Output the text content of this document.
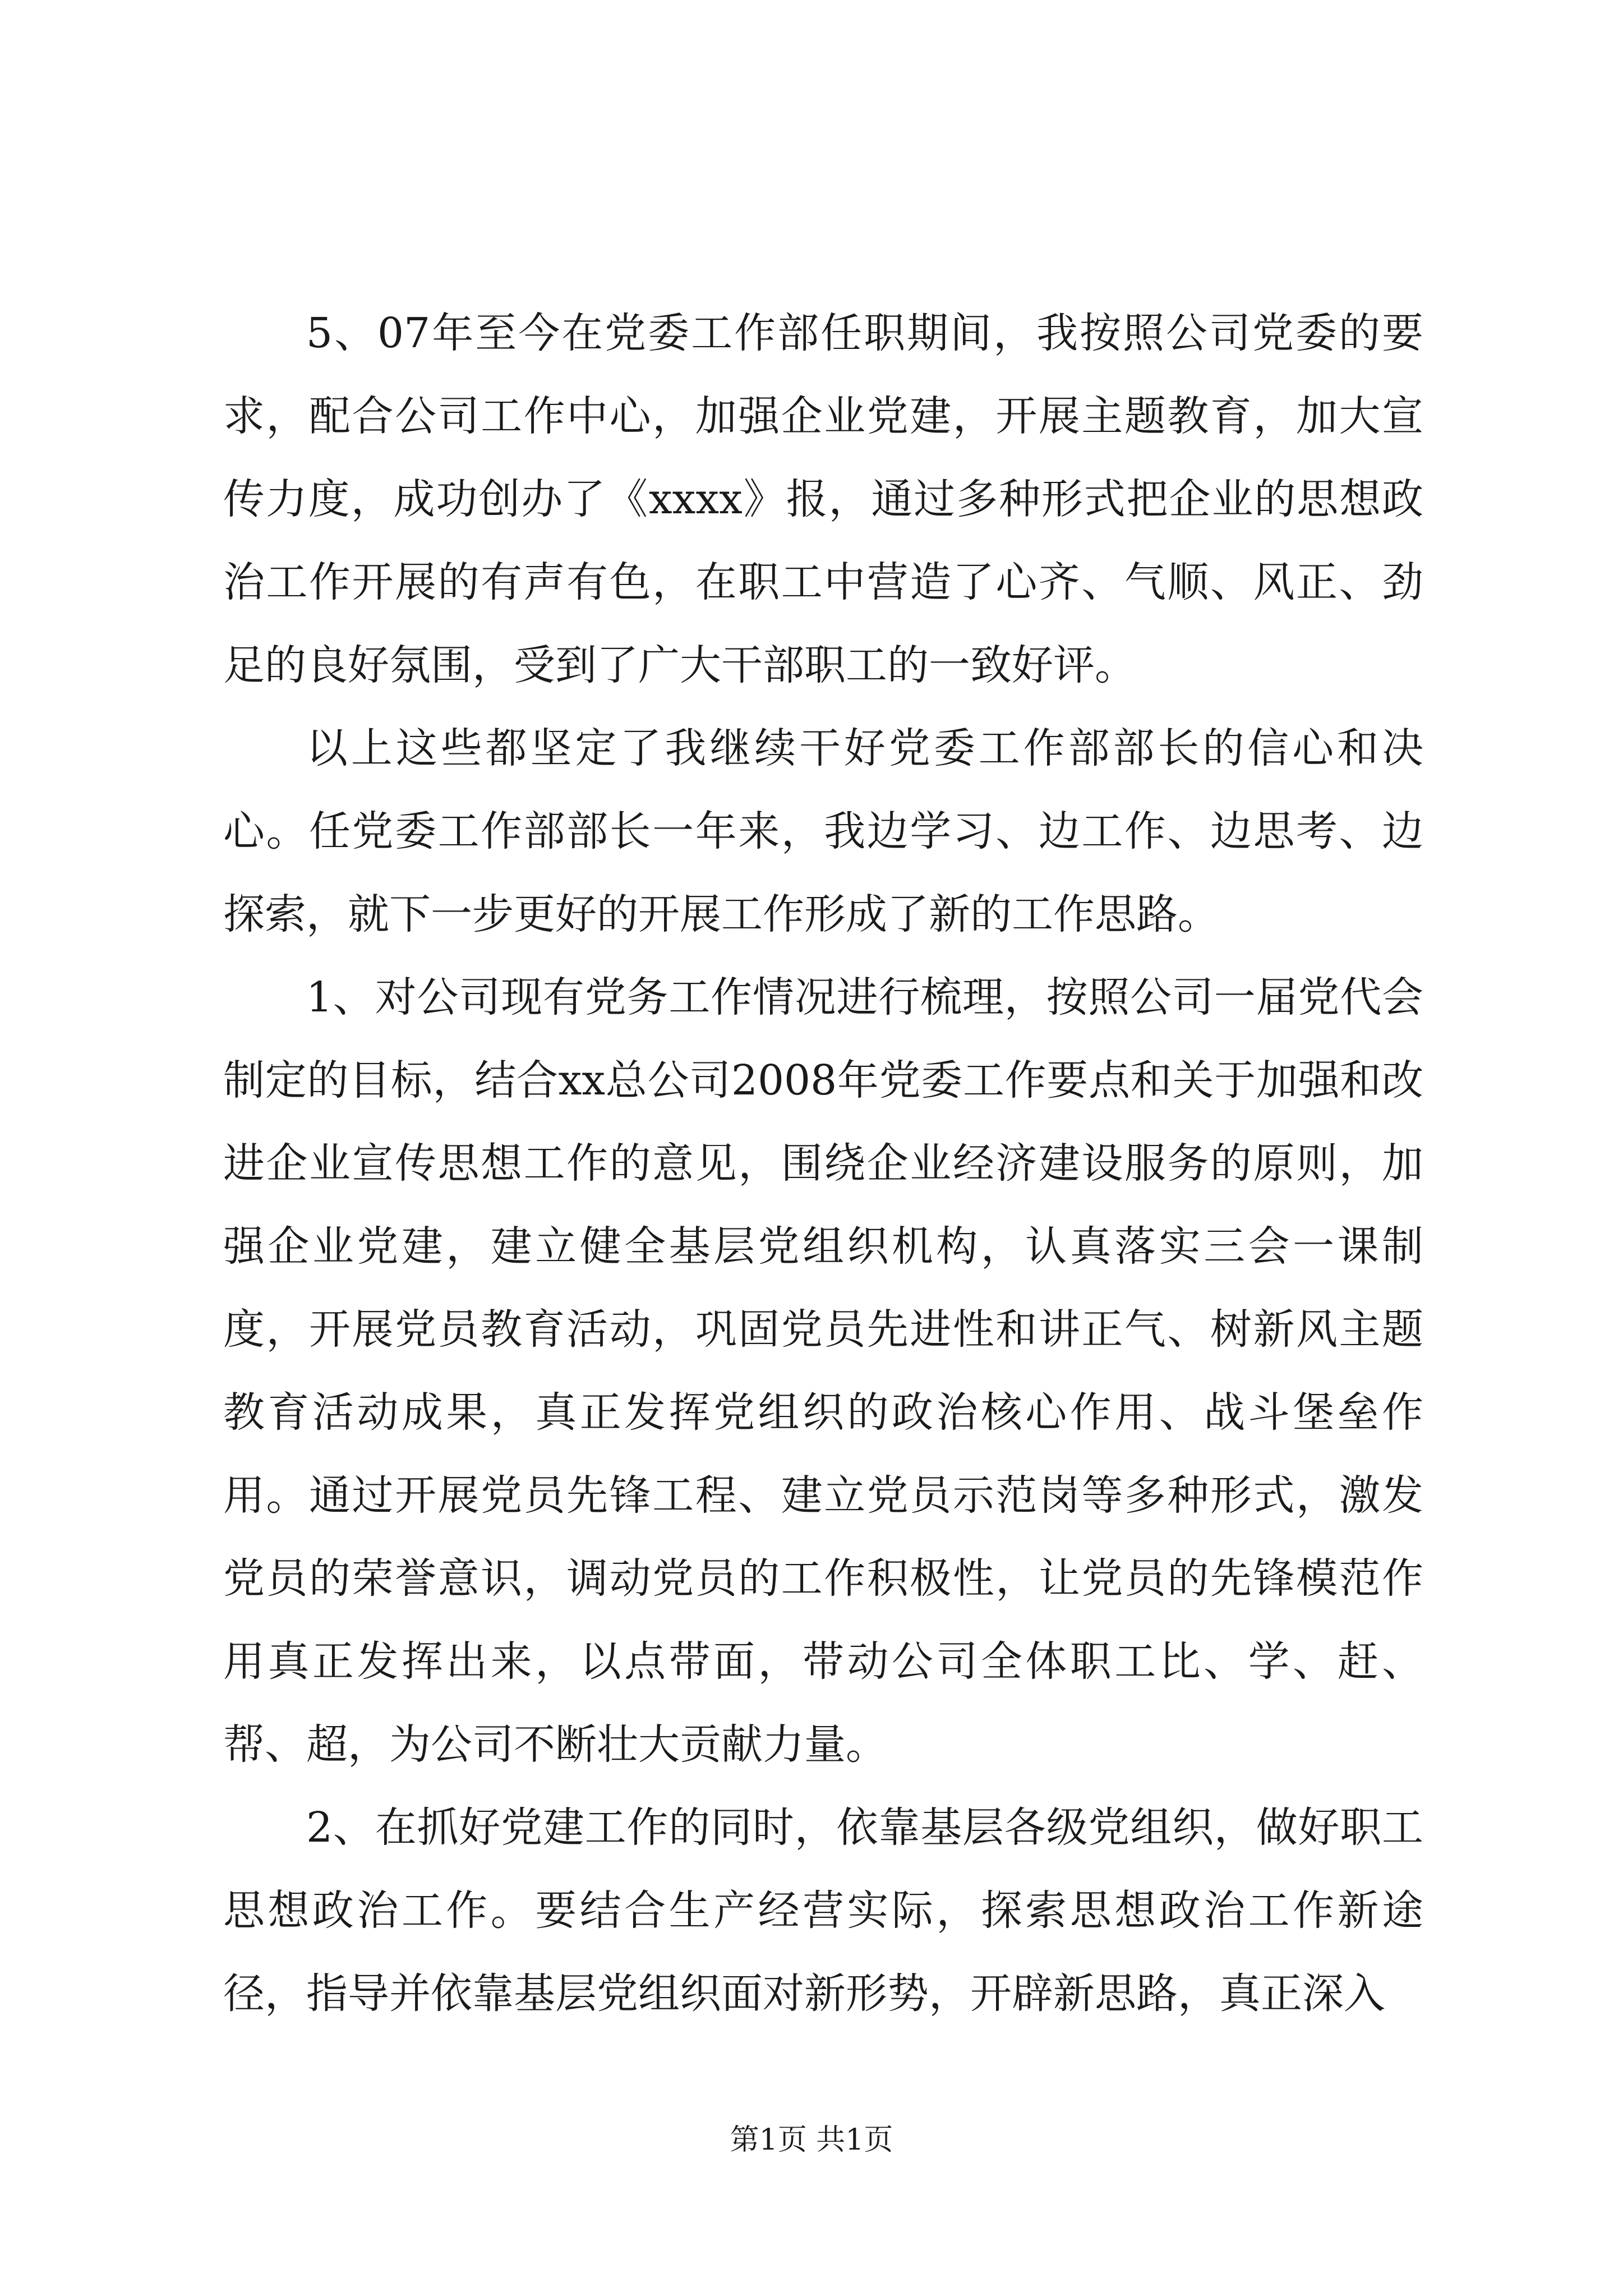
5、07年至今在党委工作部任职期间，我按照公司党委的要求，配合公司工作中心，加强企业党建，开展主题教育，加大宣传力度，成功创办了《xxxx》报，通过多种形式把企业的思想政治工作开展的有声有色，在职工中营造了心齐、气顺、风正、劲足的良好氛围，受到了广大干部职工的一致好评。

以上这些都坚定了我继续干好党委工作部部长的信心和决心。任党委工作部部长一年来，我边学习、边工作、边思考、边探索，就下一步更好的开展工作形成了新的工作思路。

1、对公司现有党务工作情况进行梳理，按照公司一届党代会制定的目标，结合xx总公司2008年党委工作要点和关于加强和改进企业宣传思想工作的意见，围绕企业经济建设服务的原则，加强企业党建，建立健全基层党组织机构，认真落实三会一课制度，开展党员教育活动，巩固党员先进性和讲正气、树新风主题教育活动成果，真正发挥党组织的政治核心作用、战斗堡垒作用。通过开展党员先锋工程、建立党员示范岗等多种形式，激发党员的荣誉意识，调动党员的工作积极性，让党员的先锋模范作用真正发挥出来，以点带面，带动公司全体职工比、学、赶、帮、超，为公司不断壮大贡献力量。

2、在抓好党建工作的同时，依靠基层各级党组织，做好职工思想政治工作。要结合生产经营实际，探索思想政治工作新途径，指导并依靠基层党组织面对新形势，开辟新思路，真正深入

第1页 共1页
